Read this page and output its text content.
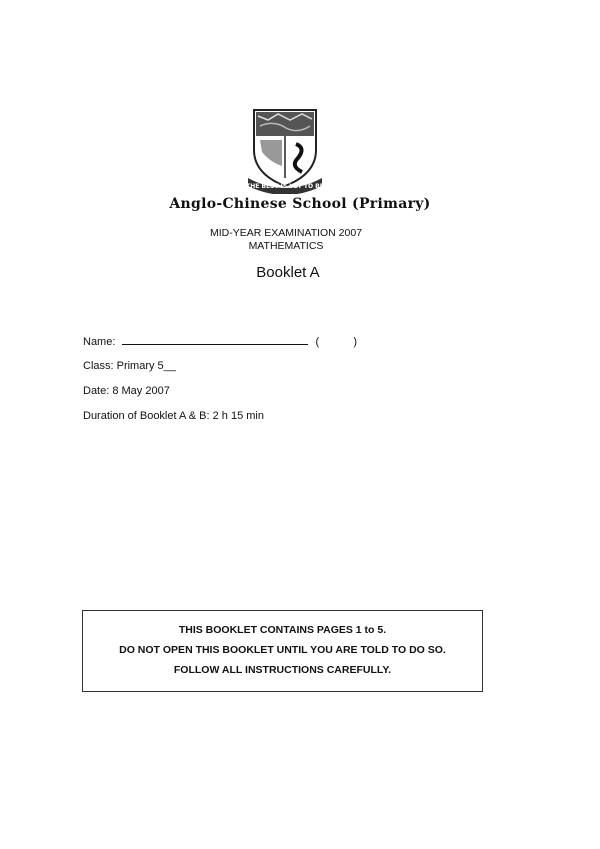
THE BEST IS YET TO BE
Anglo-Chinese School (Primary)
MID-YEAR EXAMINATION 2007
MATHEMATICS
Booklet A
Name:	(	)
Class: Primary 5__
Date: 8 May 2007
Duration of Booklet A & B: 2 h 15 min
THIS BOOKLET CONTAINS PAGES 1 to 5.
DO NOT OPEN THIS BOOKLET UNTIL YOU ARE TOLD TO DO SO.
FOLLOW ALL INSTRUCTIONS CAREFULLY.
